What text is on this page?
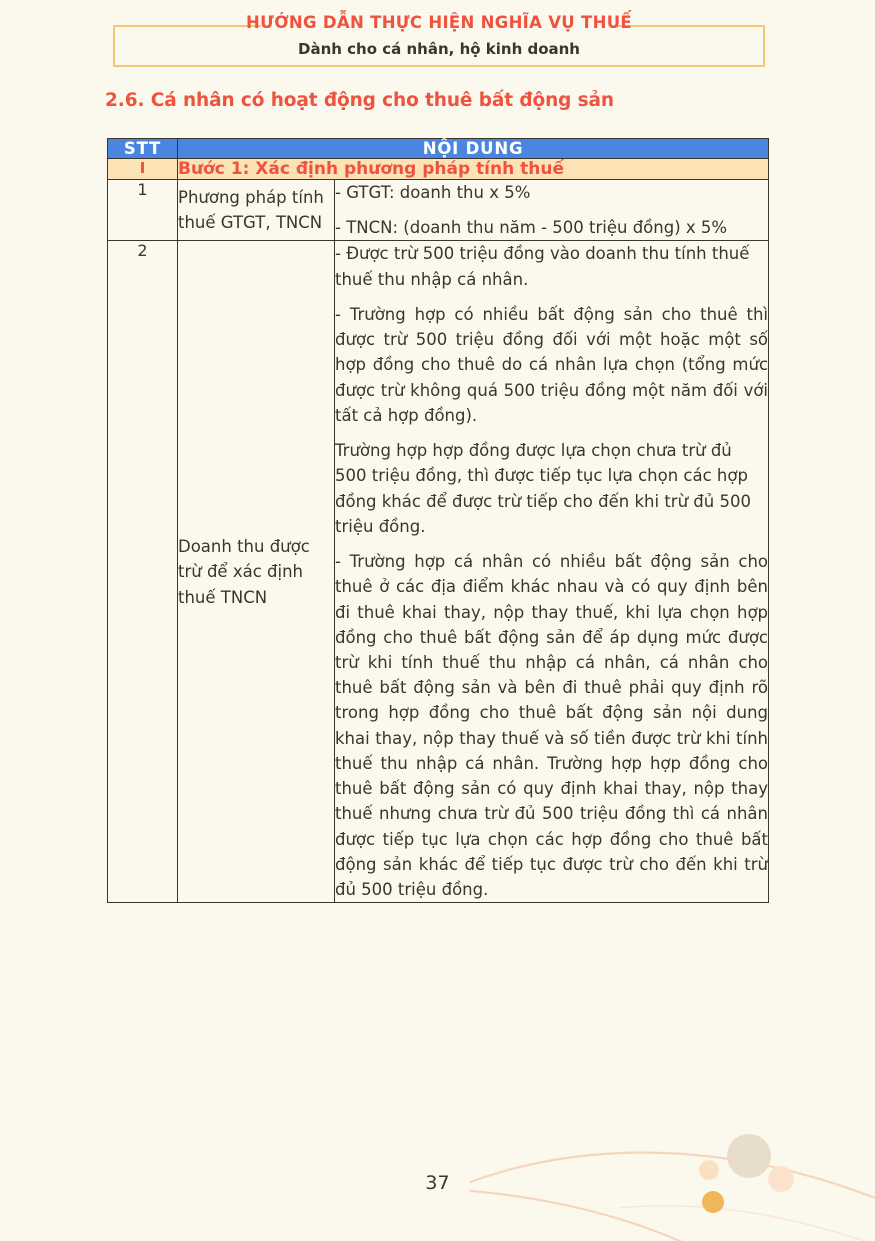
HƯỚNG DẪN THỰC HIỆN NGHĨA VỤ THUẾ
Dành cho cá nhân, hộ kinh doanh
2.6. Cá nhân có hoạt động cho thuê bất động sản
STT	NỘI DUNG	
I	Bước 1: Xác định phương pháp tính thuế	
1	Phương pháp tính thuế GTGT, TNCN	- GTGT: doanh thu x 5%

- TNCN: (doanh thu năm - 500 triệu đồng) x 5%

2	Doanh thu được trừ để xác định thuế TNCN	- Được trừ 500 triệu đồng vào doanh thu tính thuế thuế thu nhập cá nhân.

- Trường hợp có nhiều bất động sản cho thuê thì được trừ 500 triệu đồng đối với một hoặc một số hợp đồng cho thuê do cá nhân lựa chọn (tổng mức được trừ không quá 500 triệu đồng một năm đối với tất cả hợp đồng).

Trường hợp hợp đồng được lựa chọn chưa trừ đủ 500 triệu đồng, thì được tiếp tục lựa chọn các hợp đồng khác để được trừ tiếp cho đến khi trừ đủ 500 triệu đồng.

- Trường hợp cá nhân có nhiều bất động sản cho thuê ở các địa điểm khác nhau và có quy định bên đi thuê khai thay, nộp thay thuế, khi lựa chọn hợp đồng cho thuê bất động sản để áp dụng mức được trừ khi tính thuế thu nhập cá nhân, cá nhân cho thuê bất động sản và bên đi thuê phải quy định rõ trong hợp đồng cho thuê bất động sản nội dung khai thay, nộp thay thuế và số tiền được trừ khi tính thuế thu nhập cá nhân. Trường hợp hợp đồng cho thuê bất động sản có quy định khai thay, nộp thay thuế nhưng chưa trừ đủ 500 triệu đồng thì cá nhân được tiếp tục lựa chọn các hợp đồng cho thuê bất động sản khác để tiếp tục được trừ cho đến khi trừ đủ 500 triệu đồng.

37
